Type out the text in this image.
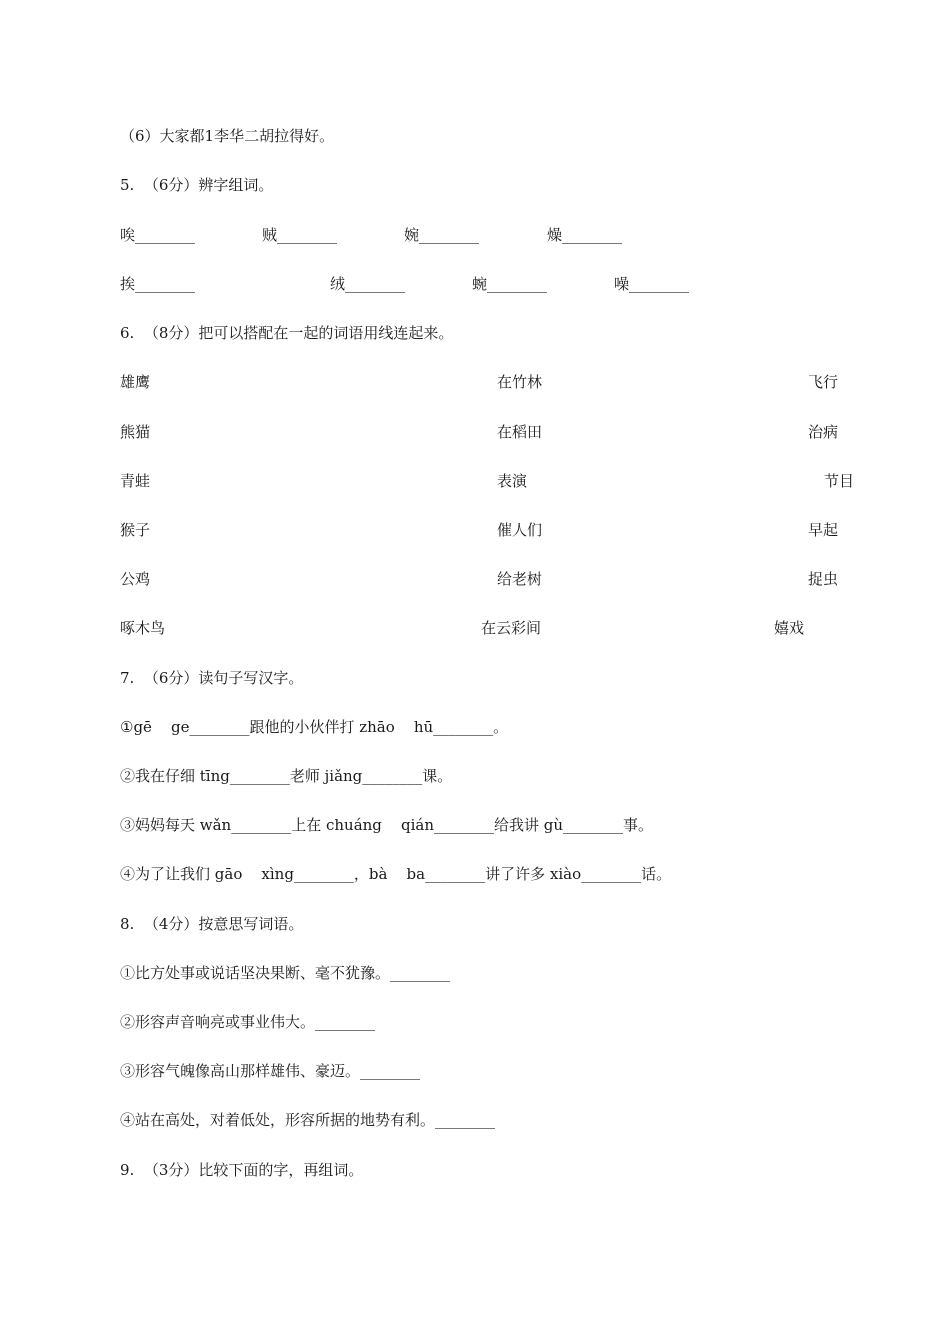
（6）大家都1李华二胡拉得好。
5.  （6分）辨字组词。
唉________	贼________	婉________	燥________
挨________	绒________	蜿________	噪________
6.  （8分）把可以搭配在一起的词语用线连起来。
雄鹰	在竹林	飞行
熊猫	在稻田	治病
青蛙	表演	节目
猴子	催人们	早起
公鸡	给老树	捉虫
啄木鸟	在云彩间	嬉戏
7.  （6分）读句子写汉字。
①gē    ge________跟他的小伙伴打 zhāo    hū________。
②我在仔细 tīng________老师 jiǎng________课。
③妈妈每天 wǎn________上在 chuáng    qián________给我讲 gù________事。
④为了让我们 gāo    xìng________，bà    ba________讲了许多 xiào________话。
8.  （4分）按意思写词语。
①比方处事或说话坚决果断、毫不犹豫。________
②形容声音响亮或事业伟大。________
③形容气魄像高山那样雄伟、豪迈。________
④站在高处，对着低处，形容所据的地势有利。________
9.  （3分）比较下面的字，再组词。
